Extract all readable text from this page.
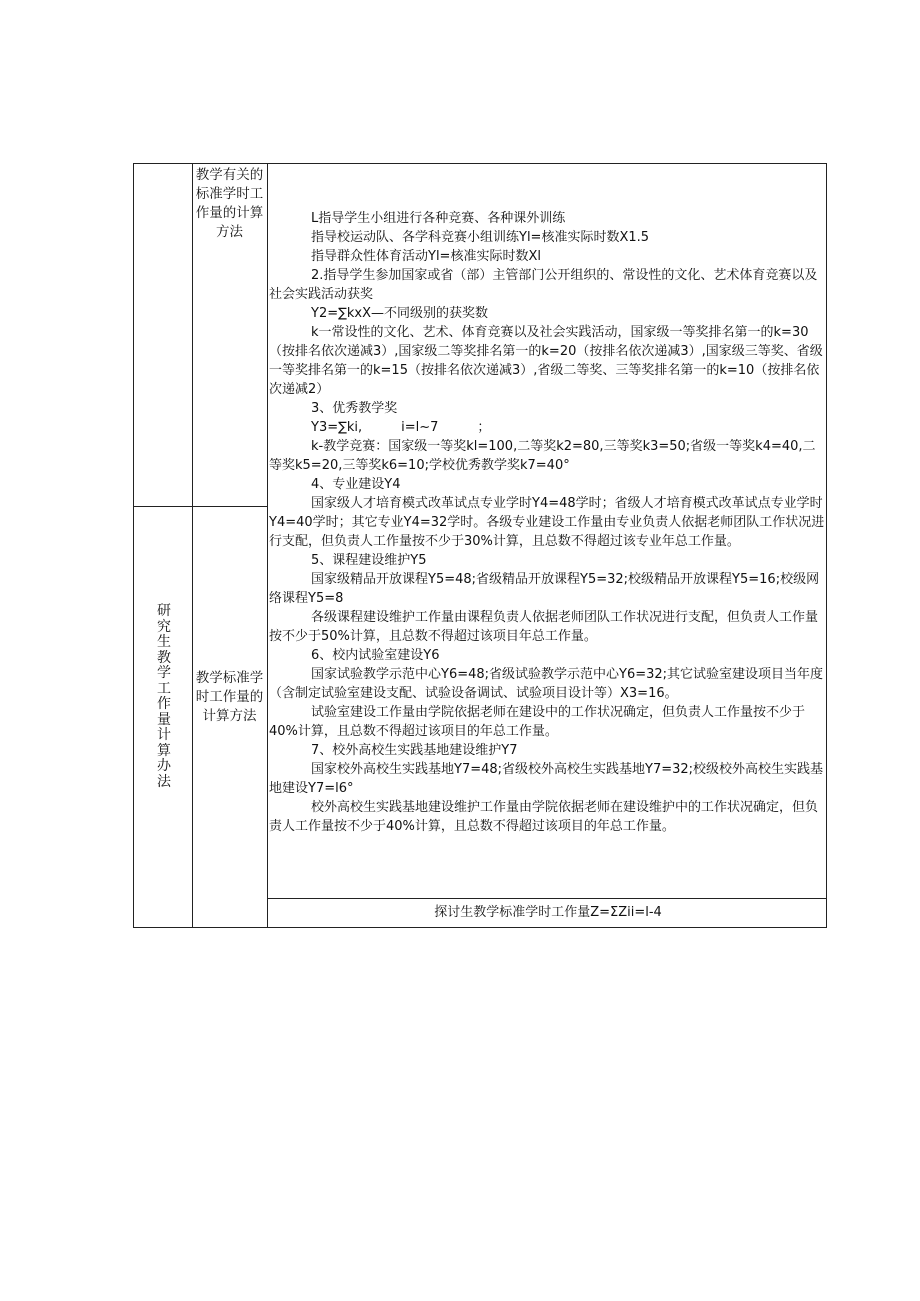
研
究
生
教
学
工
作
量
计
算
办
法
教学有关的标准学时工作量的计算方法
教学标准学时工作量的计算方法

L指导学生小组进行各种竞赛、各种课外训练

指导校运动队、各学科竞赛小组训练Yl=核准实际时数X1.5

指导群众性体育活动Yl=核准实际时数Xl

2.指导学生参加国家或省（部）主管部门公开组织的、常设性的文化、艺术体育竞赛以及社会实践活动获奖

Y2=∑kxX—不同级别的获奖数

k一常设性的文化、艺术、体育竞赛以及社会实践活动，国家级一等奖排名第一的k=30（按排名依次递减3）,国家级二等奖排名第一的k=20（按排名依次递减3）,国家级三等奖、省级一等奖排名第一的k=15（按排名依次递减3）,省级二等奖、三等奖排名第一的k=10（按排名依次递减2）

3、优秀教学奖

Y3=∑ki,　　　i=l~7　　　；

k-教学竞赛：国家级一等奖kl=100,二等奖k2=80,三等奖k3=50;省级一等奖k4=40,二等奖k5=20,三等奖k6=10;学校优秀教学奖k7=40°

4、专业建设Y4

国家级人才培育模式改革试点专业学时Y4=48学时；省级人才培育模式改革试点专业学时Y4=40学时；其它专业Y4=32学时。各级专业建设工作量由专业负责人依据老师团队工作状况进行支配，但负责人工作量按不少于30%计算，且总数不得超过该专业年总工作量。

5、课程建设维护Y5

国家级精品开放课程Y5=48;省级精品开放课程Y5=32;校级精品开放课程Y5=16;校级网络课程Y5=8

各级课程建设维护工作量由课程负责人依据老师团队工作状况进行支配，但负责人工作量按不少于50%计算，且总数不得超过该项目年总工作量。

6、校内试验室建设Y6

国家试验教学示范中心Y6=48;省级试验教学示范中心Y6=32;其它试验室建设项目当年度（含制定试验室建设支配、试验设备调试、试验项目设计等）X3=16。

试验室建设工作量由学院依据老师在建设中的工作状况确定，但负责人工作量按不少于40%计算，且总数不得超过该项目的年总工作量。

7、校外高校生实践基地建设维护Y7

国家校外高校生实践基地Y7=48;省级校外高校生实践基地Y7=32;校级校外高校生实践基地建设Y7=l6°

校外高校生实践基地建设维护工作量由学院依据老师在建设维护中的工作状况确定，但负责人工作量按不少于40%计算，且总数不得超过该项目的年总工作量。

探讨生教学标准学时工作量Z=ΣZii=l-4
